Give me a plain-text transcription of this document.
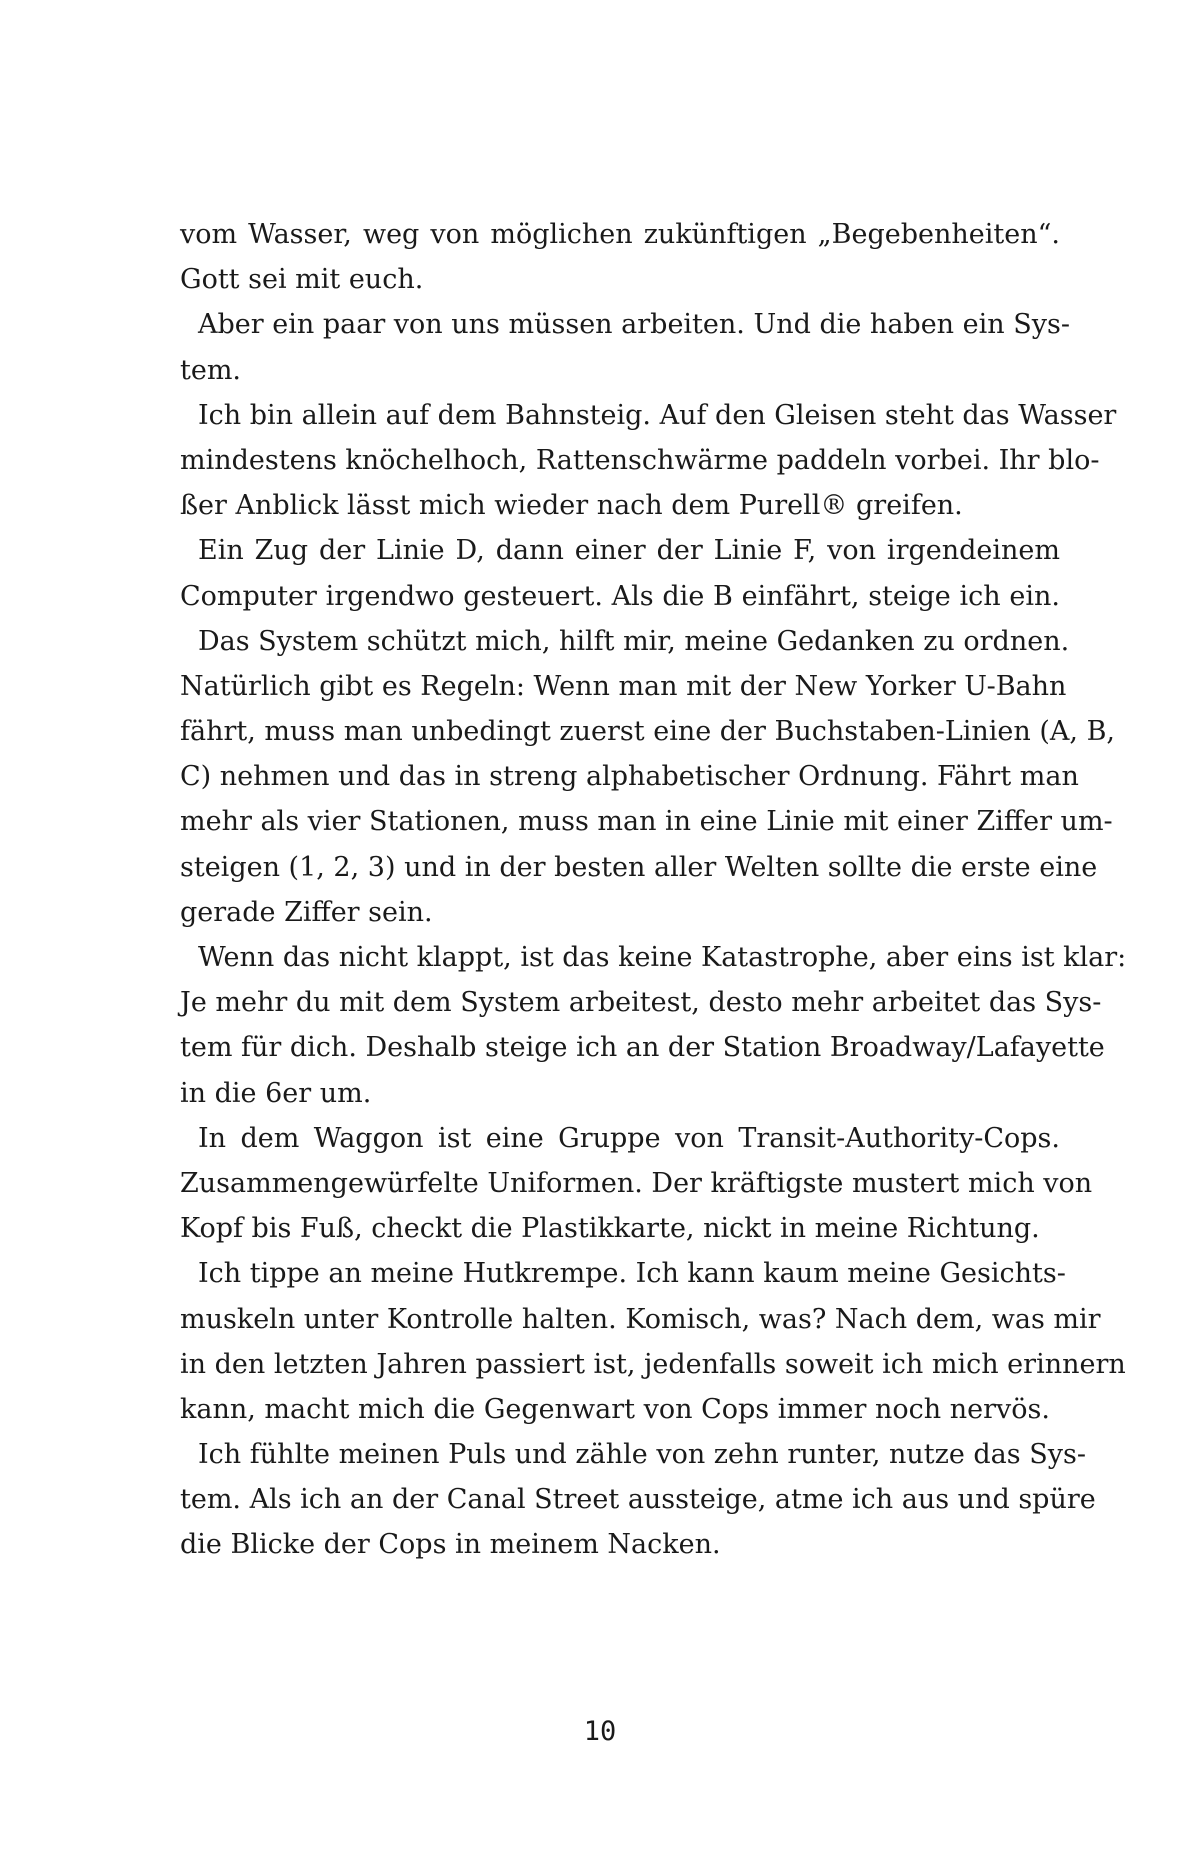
vom Wasser, weg von möglichen zukünftigen „Begebenheiten“.
Gott sei mit euch.
Aber ein paar von uns müssen arbeiten. Und die haben ein Sys-
tem.
Ich bin allein auf dem Bahnsteig. Auf den Gleisen steht das Wasser
mindestens knöchelhoch, Rattenschwärme paddeln vorbei. Ihr blo-
ßer Anblick lässt mich wieder nach dem Purell® greifen.
Ein Zug der Linie D, dann einer der Linie F, von irgendeinem
Computer irgendwo gesteuert. Als die B einfährt, steige ich ein.
Das System schützt mich, hilft mir, meine Gedanken zu ordnen.
Natürlich gibt es Regeln: Wenn man mit der New Yorker U-Bahn
fährt, muss man unbedingt zuerst eine der Buchstaben-Linien (A, B,
C) nehmen und das in streng alphabetischer Ordnung. Fährt man
mehr als vier Stationen, muss man in eine Linie mit einer Ziffer um-
steigen (1, 2, 3) und in der besten aller Welten sollte die erste eine
gerade Ziffer sein.
Wenn das nicht klappt, ist das keine Katastrophe, aber eins ist klar:
Je mehr du mit dem System arbeitest, desto mehr arbeitet das Sys-
tem für dich. Deshalb steige ich an der Station Broadway/Lafayette
in die 6er um.
In dem Waggon ist eine Gruppe von Transit-Authority-Cops.
Zusammengewürfelte Uniformen. Der kräftigste mustert mich von
Kopf bis Fuß, checkt die Plastikkarte, nickt in meine Richtung.
Ich tippe an meine Hutkrempe. Ich kann kaum meine Gesichts-
muskeln unter Kontrolle halten. Komisch, was? Nach dem, was mir
in den letzten Jahren passiert ist, jedenfalls soweit ich mich erinnern
kann, macht mich die Gegenwart von Cops immer noch nervös.
Ich fühlte meinen Puls und zähle von zehn runter, nutze das Sys-
tem. Als ich an der Canal Street aussteige, atme ich aus und spüre
die Blicke der Cops in meinem Nacken.
10
